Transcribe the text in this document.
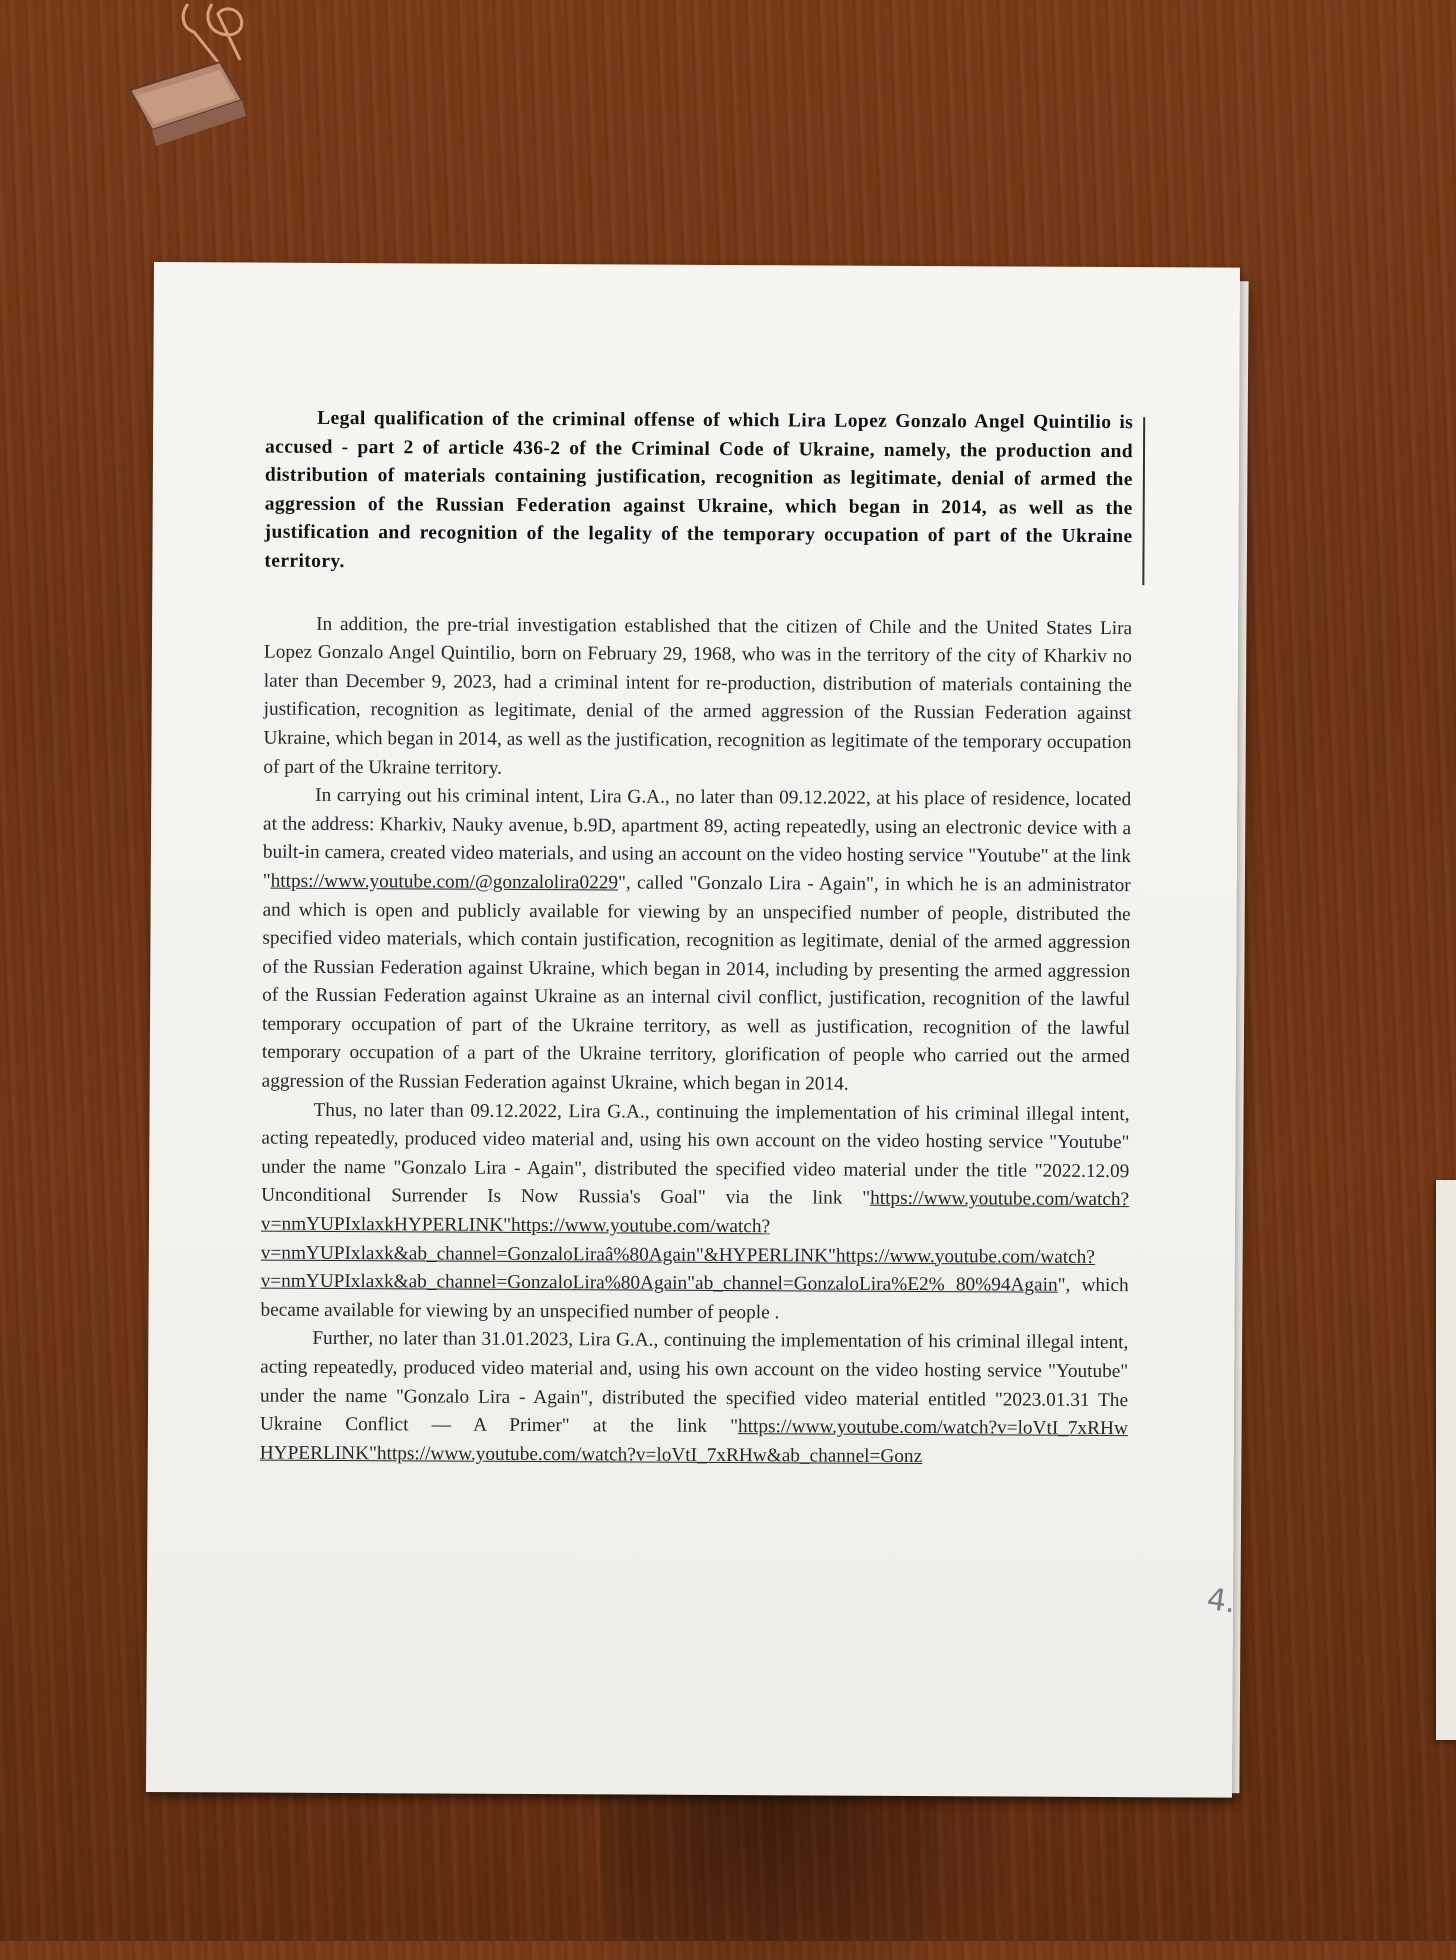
Legal qualification of the criminal offense of which Lira Lopez Gonzalo Angel Quintilio is accused - part 2 of article 436-2 of the Criminal Code of Ukraine, namely, the production and distribution of materials containing justification, recognition as legitimate, denial of armed the aggression of the Russian Federation against Ukraine, which began in 2014, as well as the justification and recognition of the legality of the temporary occupation of part of the Ukraine territory.

In addition, the pre-trial investigation established that the citizen of Chile and the United States Lira Lopez Gonzalo Angel Quintilio, born on February 29, 1968, who was in the territory of the city of Kharkiv no later than December 9, 2023, had a criminal intent for re-production, distribution of materials containing the justification, recognition as legitimate, denial of the armed aggression of the Russian Federation against Ukraine, which began in 2014, as well as the justification, recognition as legitimate of the temporary occupation of part of the Ukraine territory.

In carrying out his criminal intent, Lira G.A., no later than 09.12.2022, at his place of residence, located at the address: Kharkiv, Nauky avenue, b.9D, apartment 89, acting repeatedly, using an electronic device with a built-in camera, created video materials, and using an account on the video hosting service "Youtube" at the link "https://www.youtube.com/@gonzalolira0229", called "Gonzalo Lira - Again", in which he is an administrator and which is open and publicly available for viewing by an unspecified number of people, distributed the specified video materials, which contain justification, recognition as legitimate, denial of the armed aggression of the Russian Federation against Ukraine, which began in 2014, including by presenting the armed aggression of the Russian Federation against Ukraine as an internal civil conflict, justification, recognition of the lawful temporary occupation of part of the Ukraine territory, as well as justification, recognition of the lawful temporary occupation of a part of the Ukraine territory, glorification of people who carried out the armed aggression of the Russian Federation against Ukraine, which began in 2014.

Thus, no later than 09.12.2022, Lira G.A., continuing the implementation of his criminal illegal intent, acting repeatedly, produced video material and, using his own account on the video hosting service "Youtube" under the name "Gonzalo Lira - Again", distributed the specified video material under the title "2022.12.09 Unconditional Surrender Is Now Russia's Goal" via the link "https://www.youtube.com/watch?v=nmYUPIxlaxkHYPERLINK"https://www.youtube.com/watch?v=nmYUPIxlaxk&ab_channel=GonzaloLiraâ%80Again"&HYPERLINK"https://www.youtube.com/watch?v=nmYUPIxlaxk&ab_channel=GonzaloLira%80Again"ab_channel=GonzaloLira%E2% 80%94Again", which became available for viewing by an unspecified number of people .

Further, no later than 31.01.2023, Lira G.A., continuing the implementation of his criminal illegal intent, acting repeatedly, produced video material and, using his own account on the video hosting service "Youtube" under the name "Gonzalo Lira - Again", distributed the specified video material entitled "2023.01.31 The Ukraine Conflict — A Primer" at the link "https://www.youtube.com/watch?v=loVtI_7xRHw HYPERLINK"https://www.youtube.com/watch?v=loVtI_7xRHw&ab_channel=Gonz

4.
